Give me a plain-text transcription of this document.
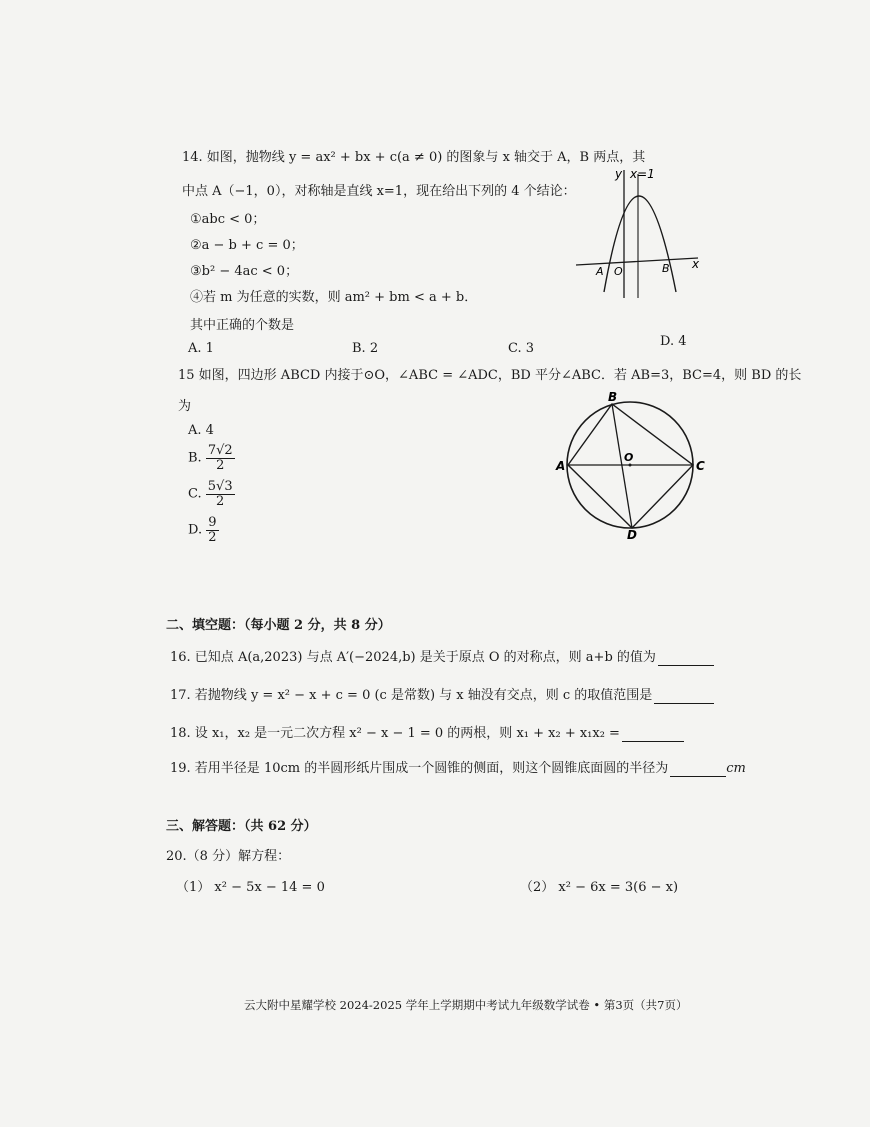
14. 如图，抛物线 y = ax² + bx + c(a ≠ 0) 的图象与 x 轴交于 A，B 两点，其
中点 A（−1，0），对称轴是直线 x=1，现在给出下列的 4 个结论：
①abc < 0；
②a − b + c = 0；
③b² − 4ac < 0；
④若 m 为任意的实数，则 am² + bm < a + b．
其中正确的个数是
A. 1	B. 2	C. 3	D. 4
y x=1
x
A O	B
15 如图，四边形 ABCD 内接于⊙O，∠ABC = ∠ADC，BD 平分∠ABC．若 AB=3，BC=4，则 BD 的长
为
A. 4
B. $\frac{7√2}{2}$
C. $\frac{5√3}{2}$
D. $\frac{9}{2}$
B
A	C
O
D
二、填空题：（每小题 2 分，共 8 分）
16. 已知点 A(a,2023) 与点 A′(−2024,b) 是关于原点 O 的对称点，则 a+b 的值为
17. 若抛物线 y = x² − x + c = 0 (c 是常数) 与 x 轴没有交点，则 c 的取值范围是
18. 设 x₁，x₂ 是一元二次方程 x² − x − 1 = 0 的两根，则 x₁ + x₂ + x₁x₂ =
19. 若用半径是 10cm 的半圆形纸片围成一个圆锥的侧面，则这个圆锥底面圆的半径为	cm
三、解答题：（共 62 分）
20.（8 分）解方程：
（1） x² − 5x − 14 = 0	（2） x² − 6x = 3(6 − x)
云大附中星耀学校 2024-2025 学年上学期期中考试九年级数学试卷 • 第3页（共7页）
